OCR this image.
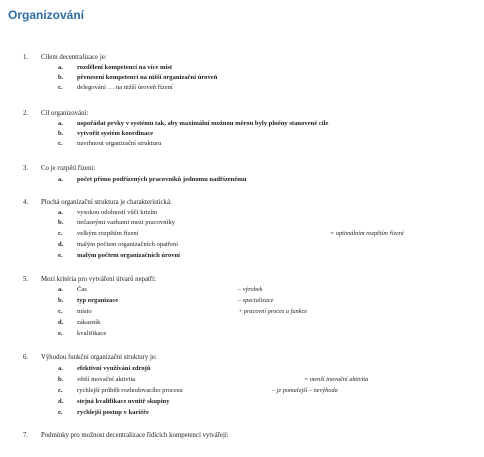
Organizování
1. Cílem decentralizace je:
a. rozdělení kompetencí na více míst
b. přenesení kompetencí na nižší organizační úroveň
c. delegování … na nižší úroveň řízení
2. Cíl organizování:
a. uspořádat prvky v systému tak, aby maximální možnou měrou byly plněny stanovené cíle
b. vytvořit systém koordinace
c. navrhnout organizační strukturu
3. Co je rozpětí řízení:
a. počet přímo podřízených pracovníků jednomu nadřízenému
4. Plochá organizační struktura je charakteristická:
a. vysokou odolností vůči krizím
b. nečasnými vazbami mezi pracovníky
c. velkým rozpětím řízení	= optimálním rozpětím řízení
d. malým počtem organizačních opatření
e. malým počtem organizačních úrovní
5. Mezi kritéria pro vytváření útvarů nepatří:
a. Čas	– výrobek
b. typ organizace	– specializace
c. místo	+ pracovní proces a funkce
d. zákazník
e. kvalifikace
6. Výhodou funkční organizační struktury je:
a. efektivní využívání zdrojů
b. větší inovační aktivita	= menší inovační aktivita
c. rychlejší průběh rozhodovacího procesu	– je pomalejší – nevýhoda
d. stejná kvalifikace uvnitř skupiny
e. rychlejší postup v kariéře
7. Podmínky pro možnost decentralizace řídících kompetencí vytvářejí:
